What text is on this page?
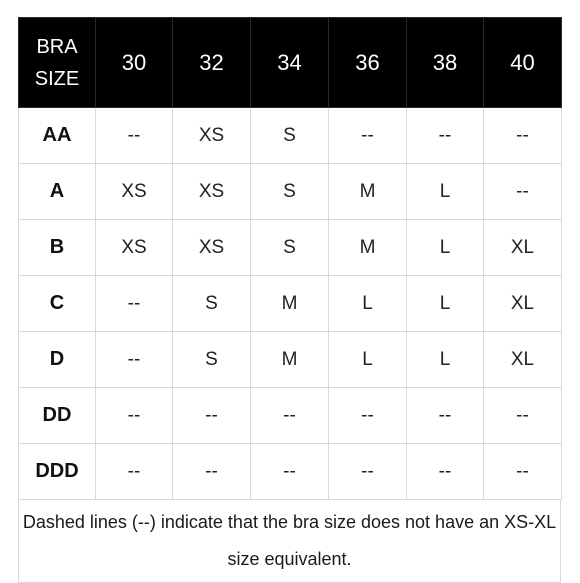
BRA
SIZE	30	32	34	36	38	40
AA	--	XS	S	--	--	--
A	XS	XS	S	M	L	--
B	XS	XS	S	M	L	XL
C	--	S	M	L	L	XL
D	--	S	M	L	L	XL
DD	--	--	--	--	--	--
DDD	--	--	--	--	--	--
Dashed lines (--) indicate that the bra size does not have an XS-XL size equivalent.
